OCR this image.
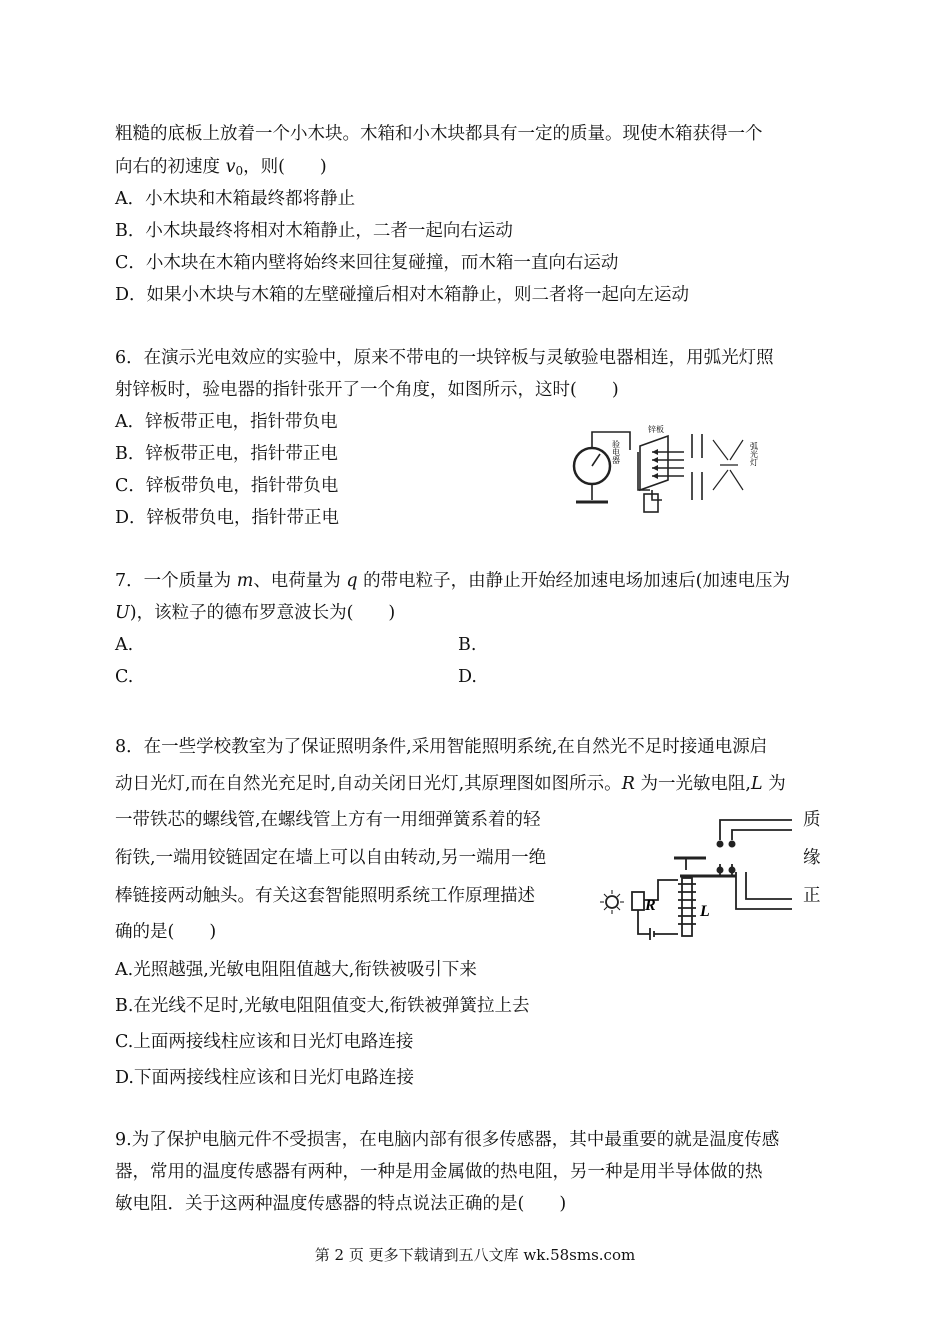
粗糙的底板上放着一个小木块。木箱和小木块都具有一定的质量。现使木箱获得一个
向右的初速度 $v_0$，则(　　)
A．小木块和木箱最终都将静止
B．小木块最终将相对木箱静止，二者一起向右运动
C．小木块在木箱内壁将始终来回往复碰撞，而木箱一直向右运动
D．如果小木块与木箱的左壁碰撞后相对木箱静止，则二者将一起向左运动
6．在演示光电效应的实验中，原来不带电的一块锌板与灵敏验电器相连，用弧光灯照
射锌板时，验电器的指针张开了一个角度，如图所示，这时(　　)
A．锌板带正电，指针带负电
B．锌板带正电，指针带正电
C．锌板带负电，指针带负电
D．锌板带负电，指针带正电
验电器
锌板
弧光灯
7．一个质量为 m、电荷量为 q 的带电粒子，由静止开始经加速电场加速后(加速电压为
U)，该粒子的德布罗意波长为(　　)
A.	B.
C.	D.
8．在一些学校教室为了保证照明条件,采用智能照明系统,在自然光不足时接通电源启
动日光灯,而在自然光充足时,自动关闭日光灯,其原理图如图所示。R 为一光敏电阻,L 为
一带铁芯的螺线管,在螺线管上方有一用细弹簧系着的轻
衔铁,一端用铰链固定在墙上可以自由转动,另一端用一绝
棒链接两动触头。有关这套智能照明系统工作原理描述
确的是(　　)
质
缘
正
R	L
A.光照越强,光敏电阻阻值越大,衔铁被吸引下来
B.在光线不足时,光敏电阻阻值变大,衔铁被弹簧拉上去
C.上面两接线柱应该和日光灯电路连接
D.下面两接线柱应该和日光灯电路连接
9.为了保护电脑元件不受损害，在电脑内部有很多传感器，其中最重要的就是温度传感
器，常用的温度传感器有两种，一种是用金属做的热电阻，另一种是用半导体做的热
敏电阻．关于这两种温度传感器的特点说法正确的是(　　)
第 2 页 更多下载请到五八文库 wk.58sms.com
